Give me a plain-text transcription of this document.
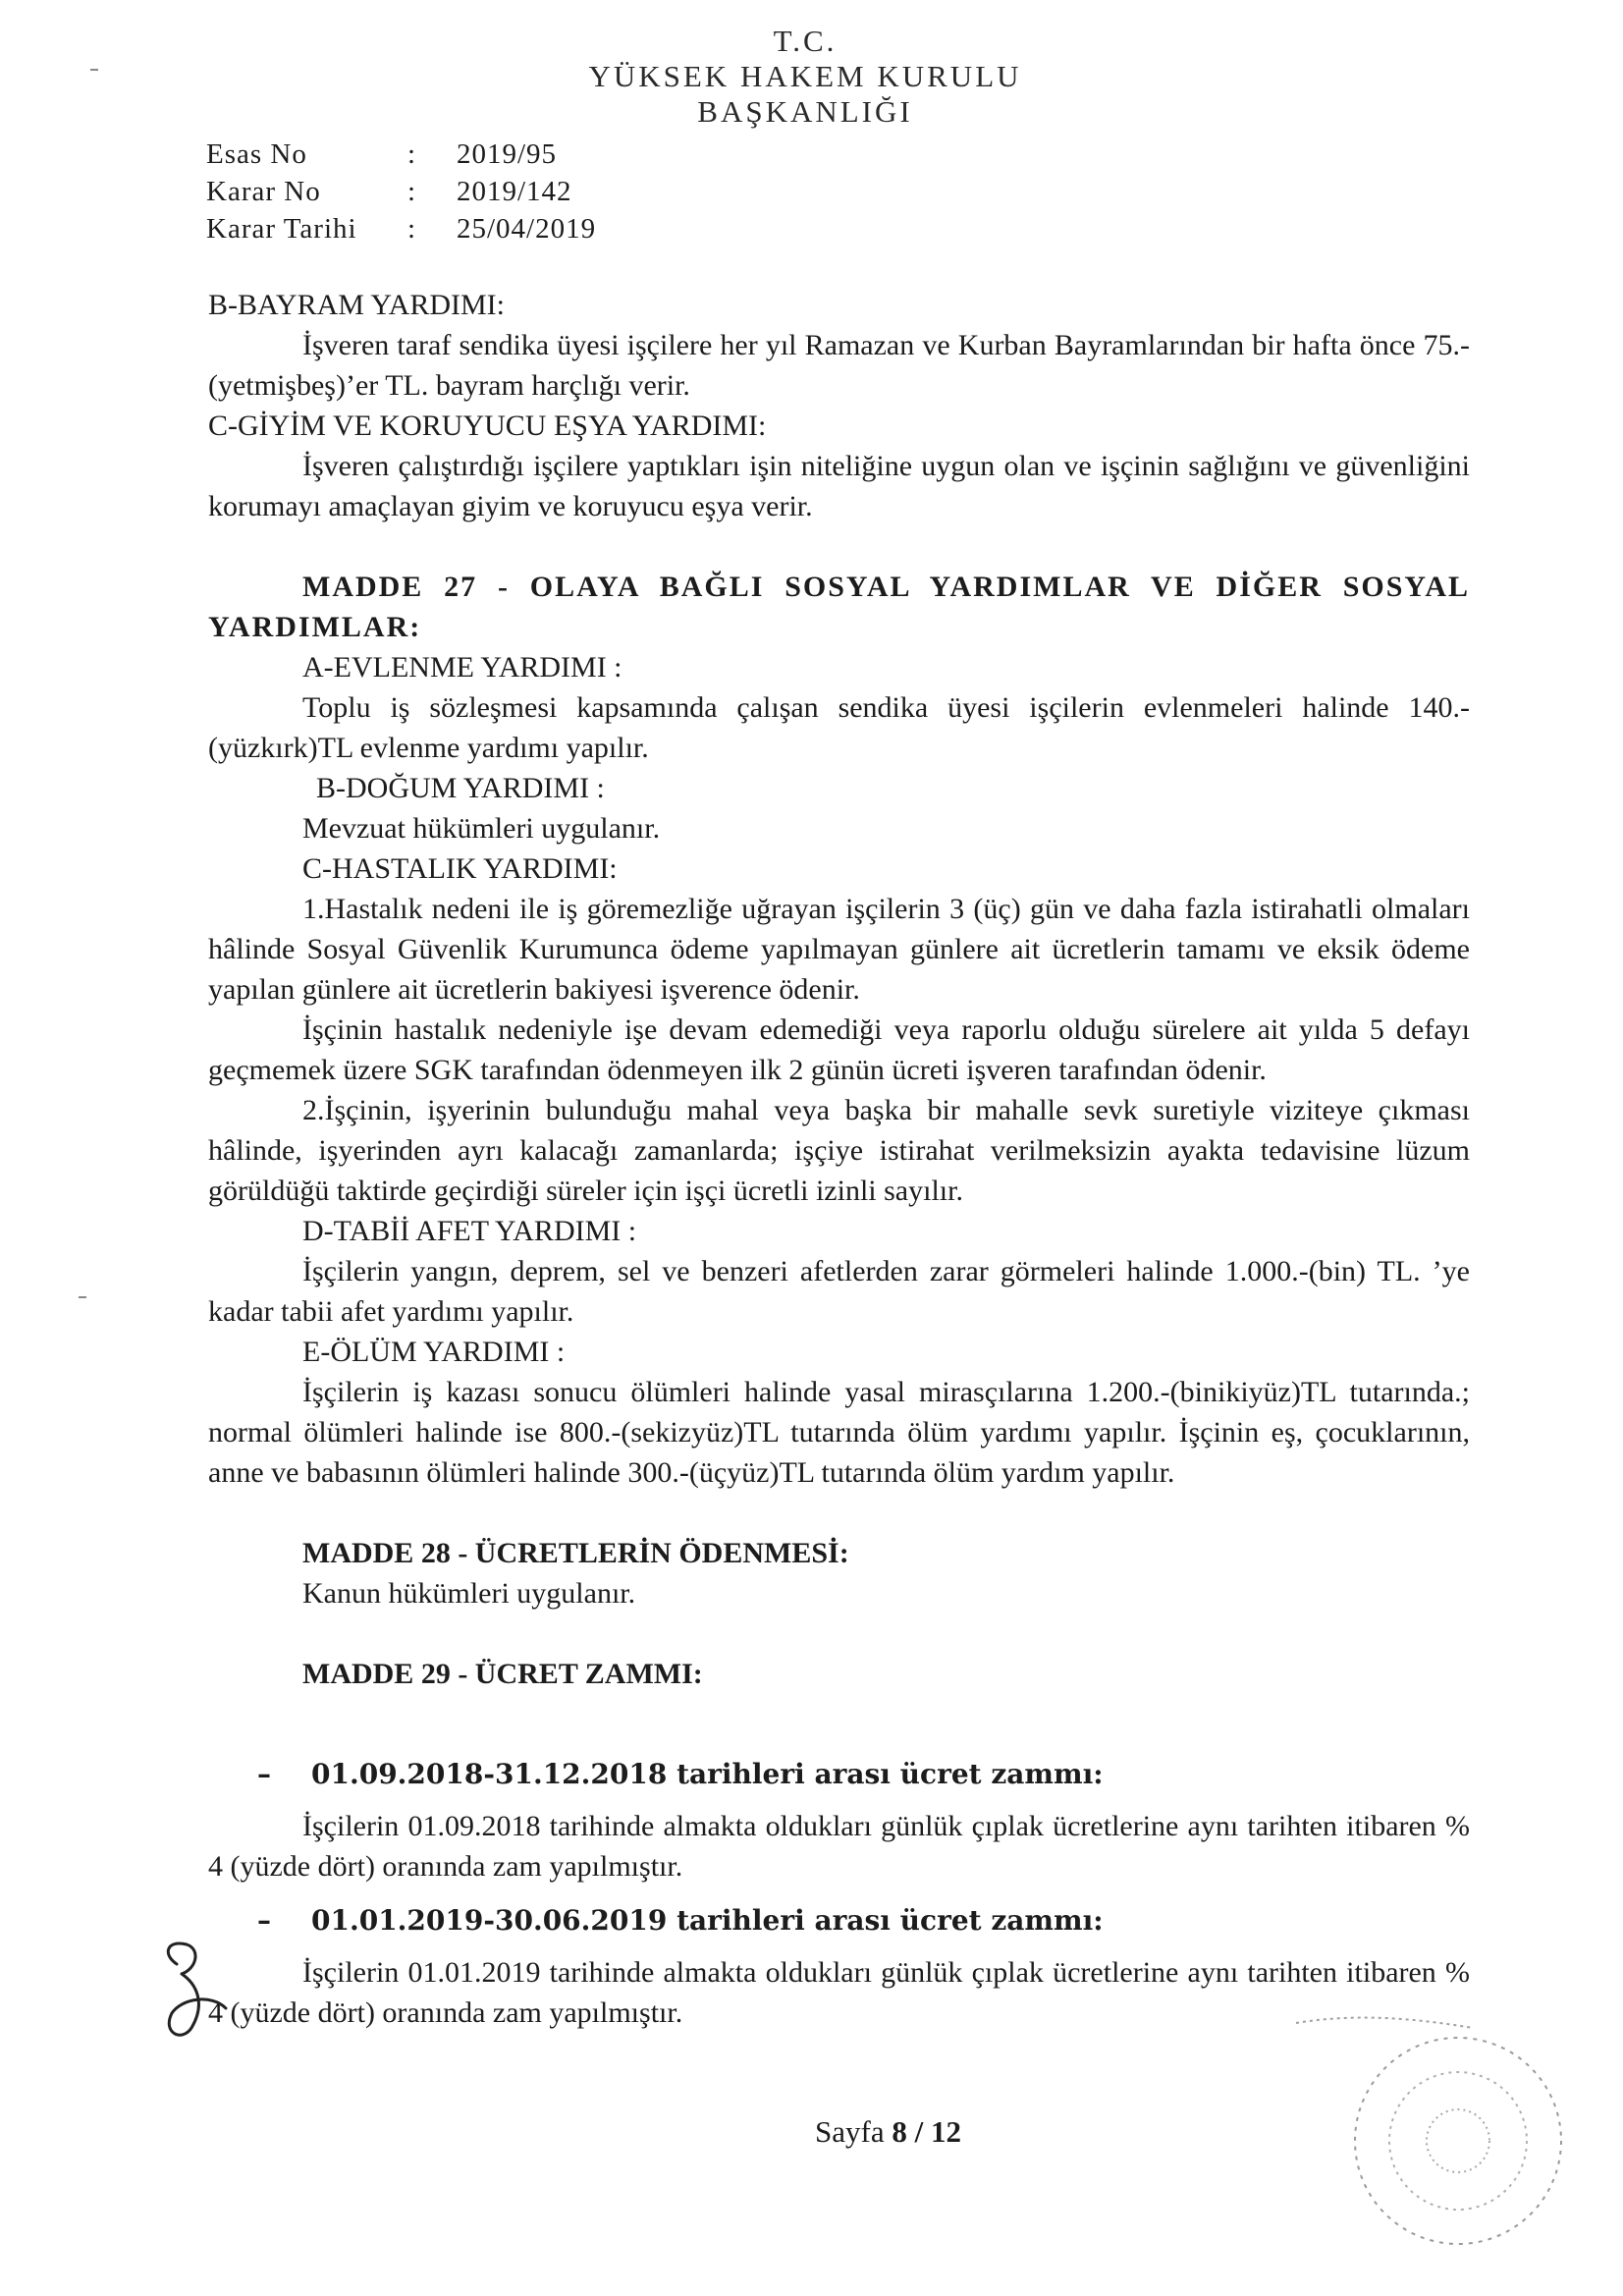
T.C.
YÜKSEK HAKEM KURULU
BAŞKANLIĞI
Esas No	:	2019/95
Karar No	:	2019/142
Karar Tarihi	:	25/04/2019

B-BAYRAM YARDIMI:

İşveren taraf sendika üyesi işçilere her yıl Ramazan ve Kurban Bayramlarından bir hafta önce 75.-(yetmişbeş)’er TL. bayram harçlığı verir.

C-GİYİM VE KORUYUCU EŞYA YARDIMI:

İşveren çalıştırdığı işçilere yaptıkları işin niteliğine uygun olan ve işçinin sağlığını ve güvenliğini korumayı amaçlayan giyim ve koruyucu eşya verir.

MADDE 27 - OLAYA BAĞLI SOSYAL YARDIMLAR VE DİĞER SOSYAL YARDIMLAR:

A-EVLENME YARDIMI :

Toplu iş sözleşmesi kapsamında çalışan sendika üyesi işçilerin evlenmeleri halinde 140.-(yüzkırk)TL evlenme yardımı yapılır.

B-DOĞUM YARDIMI :

Mevzuat hükümleri uygulanır.

C-HASTALIK YARDIMI:

1.Hastalık nedeni ile iş göremezliğe uğrayan işçilerin 3 (üç) gün ve daha fazla istirahatli olmaları hâlinde Sosyal Güvenlik Kurumunca ödeme yapılmayan günlere ait ücretlerin tamamı ve eksik ödeme yapılan günlere ait ücretlerin bakiyesi işverence ödenir.

İşçinin hastalık nedeniyle işe devam edemediği veya raporlu olduğu sürelere ait yılda 5 defayı geçmemek üzere SGK tarafından ödenmeyen ilk 2 günün ücreti işveren tarafından ödenir.

2.İşçinin, işyerinin bulunduğu mahal veya başka bir mahalle sevk suretiyle viziteye çıkması hâlinde, işyerinden ayrı kalacağı zamanlarda; işçiye istirahat verilmeksizin ayakta tedavisine lüzum görüldüğü taktirde geçirdiği süreler için işçi ücretli izinli sayılır.

D-TABİİ AFET YARDIMI :

İşçilerin yangın, deprem, sel ve benzeri afetlerden zarar görmeleri halinde 1.000.-(bin) TL. ’ye kadar tabii afet yardımı yapılır.

E-ÖLÜM YARDIMI :

İşçilerin iş kazası sonucu ölümleri halinde yasal mirasçılarına 1.200.-(binikiyüz)TL tutarında.; normal ölümleri halinde ise 800.-(sekizyüz)TL tutarında ölüm yardımı yapılır. İşçinin eş, çocuklarının, anne ve babasının ölümleri halinde 300.-(üçyüz)TL tutarında ölüm yardım yapılır.

MADDE 28 - ÜCRETLERİN ÖDENMESİ:

Kanun hükümleri uygulanır.

MADDE 29 - ÜCRET ZAMMI:

–	01.09.2018-31.12.2018 tarihleri arası ücret zammı:

İşçilerin 01.09.2018 tarihinde almakta oldukları günlük çıplak ücretlerine aynı tarihten itibaren % 4 (yüzde dört) oranında zam yapılmıştır.

–	01.01.2019-30.06.2019 tarihleri arası ücret zammı:

İşçilerin 01.01.2019 tarihinde almakta oldukları günlük çıplak ücretlerine aynı tarihten itibaren % 4 (yüzde dört) oranında zam yapılmıştır.

Sayfa 8 / 12
